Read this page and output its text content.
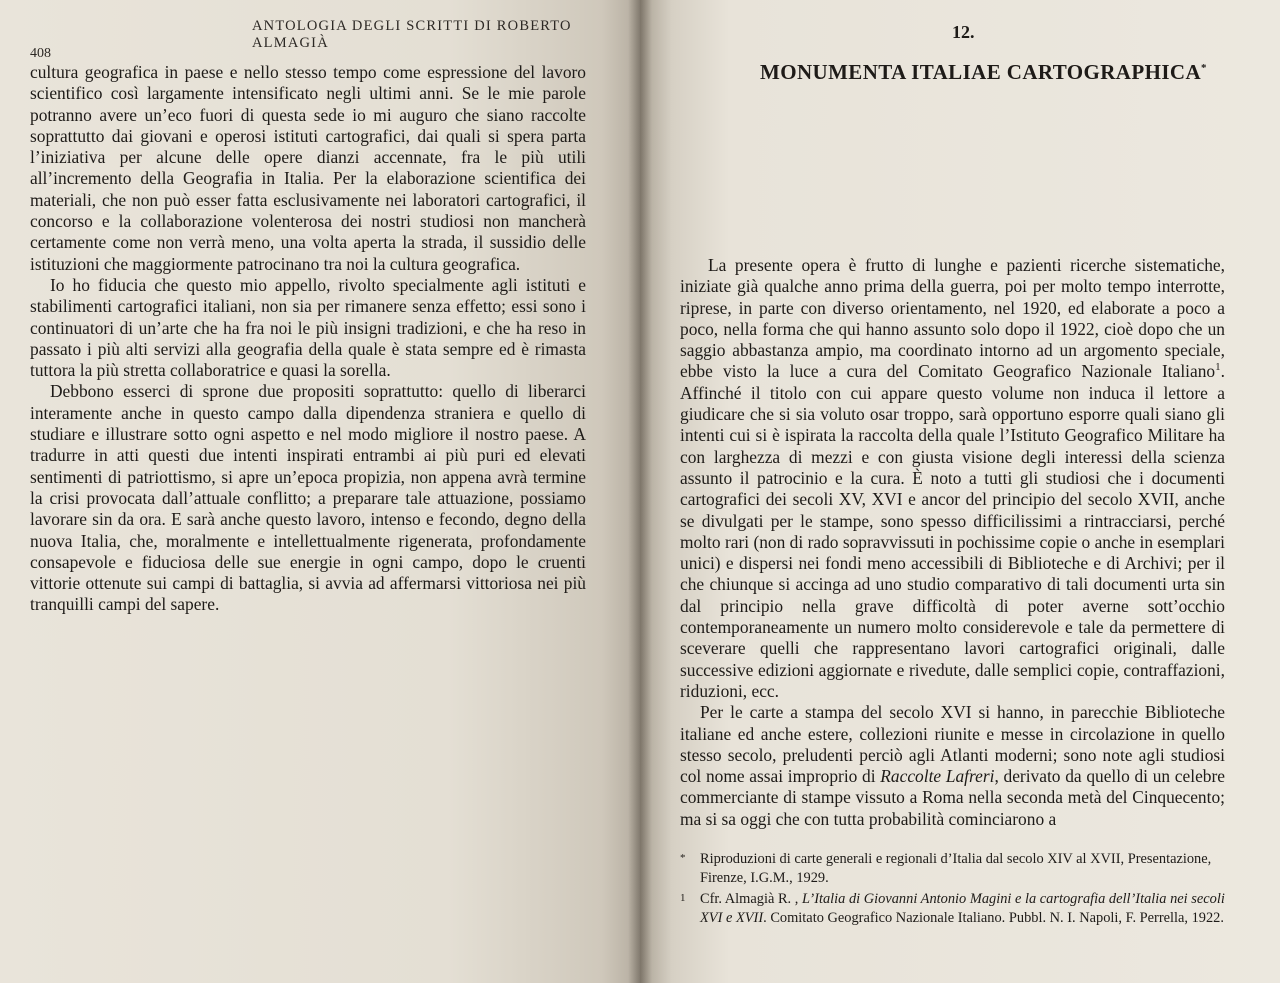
ANTOLOGIA DEGLI SCRITTI DI ROBERTO ALMAGIÀ
408

cultura geografica in paese e nello stesso tempo come espressione del lavoro scientifico così largamente intensificato negli ultimi anni. Se le mie parole potranno avere un’eco fuori di questa sede io mi auguro che siano raccolte soprattutto dai giovani e operosi istituti cartografici, dai quali si spera parta l’iniziativa per alcune delle opere dianzi accennate, fra le più utili all’incremento della Geografia in Italia. Per la elaborazione scientifica dei materiali, che non può esser fatta esclusivamente nei laboratori cartografici, il concorso e la collaborazione volenterosa dei nostri studiosi non mancherà certamente come non verrà meno, una volta aperta la strada, il sussidio delle istituzioni che maggiormente patrocinano tra noi la cultura geografica.

Io ho fiducia che questo mio appello, rivolto specialmente agli istituti e stabilimenti cartografici italiani, non sia per rimanere senza effetto; essi sono i continuatori di un’arte che ha fra noi le più insigni tradizioni, e che ha reso in passato i più alti servizi alla geografia della quale è stata sempre ed è rimasta tuttora la più stretta collaboratrice e quasi la sorella.

Debbono esserci di sprone due propositi soprattutto: quello di liberarci interamente anche in questo campo dalla dipendenza straniera e quello di studiare e illustrare sotto ogni aspetto e nel modo migliore il nostro paese. A tradurre in atti questi due intenti inspirati entrambi ai più puri ed elevati sentimenti di patriottismo, si apre un’epoca propizia, non appena avrà termine la crisi provocata dall’attuale conflitto; a preparare tale attuazione, possiamo lavorare sin da ora. E sarà anche questo lavoro, intenso e fecondo, degno della nuova Italia, che, moralmente e intellettualmente rigenerata, profondamente consapevole e fiduciosa delle sue energie in ogni campo, dopo le cruenti vittorie ottenute sui campi di battaglia, si avvia ad affermarsi vittoriosa nei più tranquilli campi del sapere.

12.
MONUMENTA ITALIAE CARTOGRAPHICA*

La presente opera è frutto di lunghe e pazienti ricerche sistematiche, iniziate già qualche anno prima della guerra, poi per molto tempo interrotte, riprese, in parte con diverso orientamento, nel 1920, ed elaborate a poco a poco, nella forma che qui hanno assunto solo dopo il 1922, cioè dopo che un saggio abbastanza ampio, ma coordinato intorno ad un argomento speciale, ebbe visto la luce a cura del Comitato Geografico Nazionale Italiano$^1$. Affinché il titolo con cui appare questo volume non induca il lettore a giudicare che si sia voluto osar troppo, sarà opportuno esporre quali siano gli intenti cui si è ispirata la raccolta della quale l’Istituto Geografico Militare ha con larghezza di mezzi e con giusta visione degli interessi della scienza assunto il patrocinio e la cura. È noto a tutti gli studiosi che i documenti cartografici dei secoli XV, XVI e ancor del principio del secolo XVII, anche se divulgati per le stampe, sono spesso difficilissimi a rintracciarsi, perché molto rari (non di rado sopravvissuti in pochissime copie o anche in esemplari unici) e dispersi nei fondi meno accessibili di Biblioteche e di Archivi; per il che chiunque si accinga ad uno studio comparativo di tali documenti urta sin dal principio nella grave difficoltà di poter averne sott’occhio contemporaneamente un numero molto considerevole e tale da permettere di sceverare quelli che rappresentano lavori cartografici originali, dalle successive edizioni aggiornate e rivedute, dalle semplici copie, contraffazioni, riduzioni, ecc.

Per le carte a stampa del secolo XVI si hanno, in parecchie Biblioteche italiane ed anche estere, collezioni riunite e messe in circolazione in quello stesso secolo, preludenti perciò agli Atlanti moderni; sono note agli studiosi col nome assai improprio di Raccolte Lafreri, derivato da quello di un celebre commerciante di stampe vissuto a Roma nella seconda metà del Cinquecento; ma si sa oggi che con tutta probabilità cominciarono a

* Riproduzioni di carte generali e regionali d’Italia dal secolo XIV al XVII, Presentazione, Firenze, I.G.M., 1929.
1 Cfr. Almagià R. , L’Italia di Giovanni Antonio Magini e la cartografia dell’Italia nei secoli XVI e XVII. Comitato Geografico Nazionale Italiano. Pubbl. N. I. Napoli, F. Perrella, 1922.
